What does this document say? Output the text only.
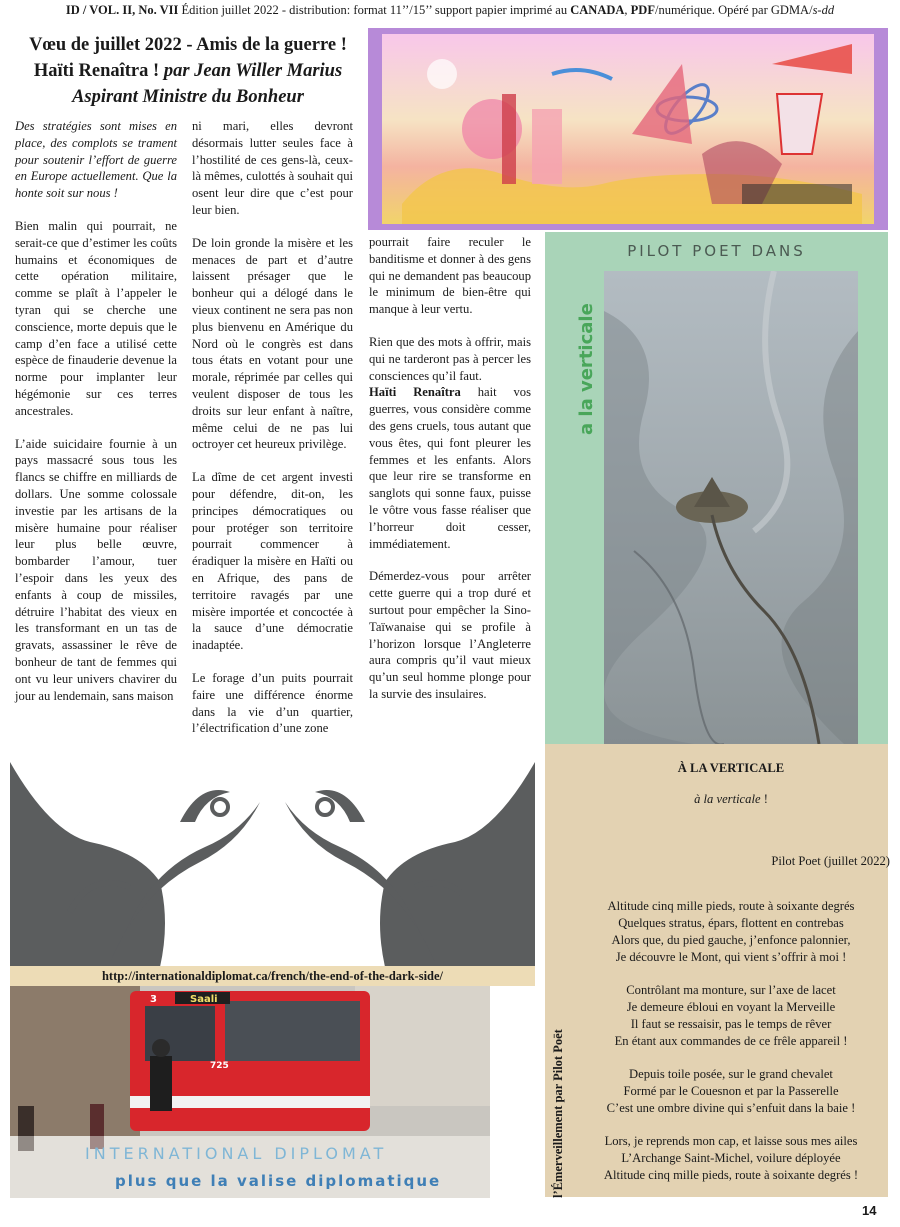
ID / VOL. II, No. VII Édition juillet 2022 - distribution: format 11’’/15’’ support papier imprimé au CANADA, PDF/numérique. Opéré par GDMA/s-dd
Vœu de juillet 2022 - Amis de la guerre !
Haïti Renaîtra ! par Jean Willer Marius
Aspirant Ministre du Bonheur

Des stratégies sont mises en place, des complots se trament pour soutenir l’effort de guerre en Europe actuellement. Que la honte soit sur nous !

Bien malin qui pourrait, ne serait-ce que d’estimer les coûts humains et économiques de cette opération militaire, comme se plaît à l’appeler le tyran qui se cherche une conscience, morte depuis que le camp d’en face a utilisé cette espèce de finauderie devenue la norme pour implanter leur hégémonie sur ces terres ancestrales.

L’aide suicidaire fournie à un pays massacré sous tous les flancs se chiffre en milliards de dollars. Une somme colossale investie par les artisans de la misère humaine pour réaliser leur plus belle œuvre, bombarder l’amour, tuer l’espoir dans les yeux des enfants à coup de missiles, détruire l’habitat des vieux en les transformant en un tas de gravats, assassiner le rêve de bonheur de tant de femmes qui ont vu leur univers chavirer du jour au lendemain, sans maison

ni mari, elles devront désormais lutter seules face à l’hostilité de ces gens-là, ceux-là mêmes, culottés à souhait qui osent leur dire que c’est pour leur bien.

De loin gronde la misère et les menaces de part et d’autre laissent présager que le bonheur qui a délogé dans le vieux continent ne sera pas non plus bienvenu en Amérique du Nord où le congrès est dans tous états en votant pour une morale, réprimée par celles qui veulent disposer de tous les droits sur leur enfant à naître, même celui de ne pas lui octroyer cet heureux privilège.

La dîme de cet argent investi pour défendre, dit-on, les principes démocratiques ou pour protéger son territoire pourrait commencer à éradiquer la misère en Haïti ou en Afrique, des pans de territoire ravagés par une misère importée et concoctée à la sauce d’une démocratie inadaptée.

Le forage d’un puits pourrait faire une différence énorme dans la vie d’un quartier, l’électrification d’une zone

pourrait faire reculer le banditisme et donner à des gens qui ne demandent pas beaucoup le minimum de bien-être qui manque à leur vertu.

Rien que des mots à offrir, mais qui ne tarderont pas à percer les consciences qu’il faut.

Haïti Renaîtra hait vos guerres, vous considère comme des gens cruels, tous autant que vous êtes, qui font pleurer les femmes et les enfants. Alors que leur rire se transforme en sanglots qui sonne faux, puisse le vôtre vous fasse réaliser que l’horreur doit cesser, immédiatement.

Démerdez-vous pour arrêter cette guerre qui a trop duré et surtout pour empêcher la Sino-Taïwanaise qui se profile à l’horizon lorsque l’Angleterre aura compris qu’il vaut mieux qu’un seul homme plonge pour la survie des insulaires.

PILOT POET DANS
a la verticale

À LA VERTICALE

à la verticale !

Pilot Poet (juillet 2022)

Altitude cinq mille pieds, route à soixante degrés
Quelques stratus, épars, flottent en contrebas
Alors que, du pied gauche, j’enfonce palonnier,
Je découvre le Mont, qui vient s’offrir à moi !
Contrôlant ma monture, sur l’axe de lacet
Je demeure ébloui en voyant la Merveille
Il faut se ressaisir, pas le temps de rêver
En étant aux commandes de ce frêle appareil !
Depuis toile posée, sur le grand chevalet
Formé par le Couesnon et par la Passerelle
C’est une ombre divine qui s’enfuit dans la baie !
Lors, je reprends mon cap, et laisse sous mes ailes
L’Archange Saint-Michel, voilure déployée
Altitude cinq mille pieds, route à soixante degrés !
l’Émerveillement par Pilot Poët
http://internationaldiplomat.ca/french/the-end-of-the-dark-side/
Saali
3
725
INTERNATIONAL DIPLOMAT
plus que la valise diplomatique
14
